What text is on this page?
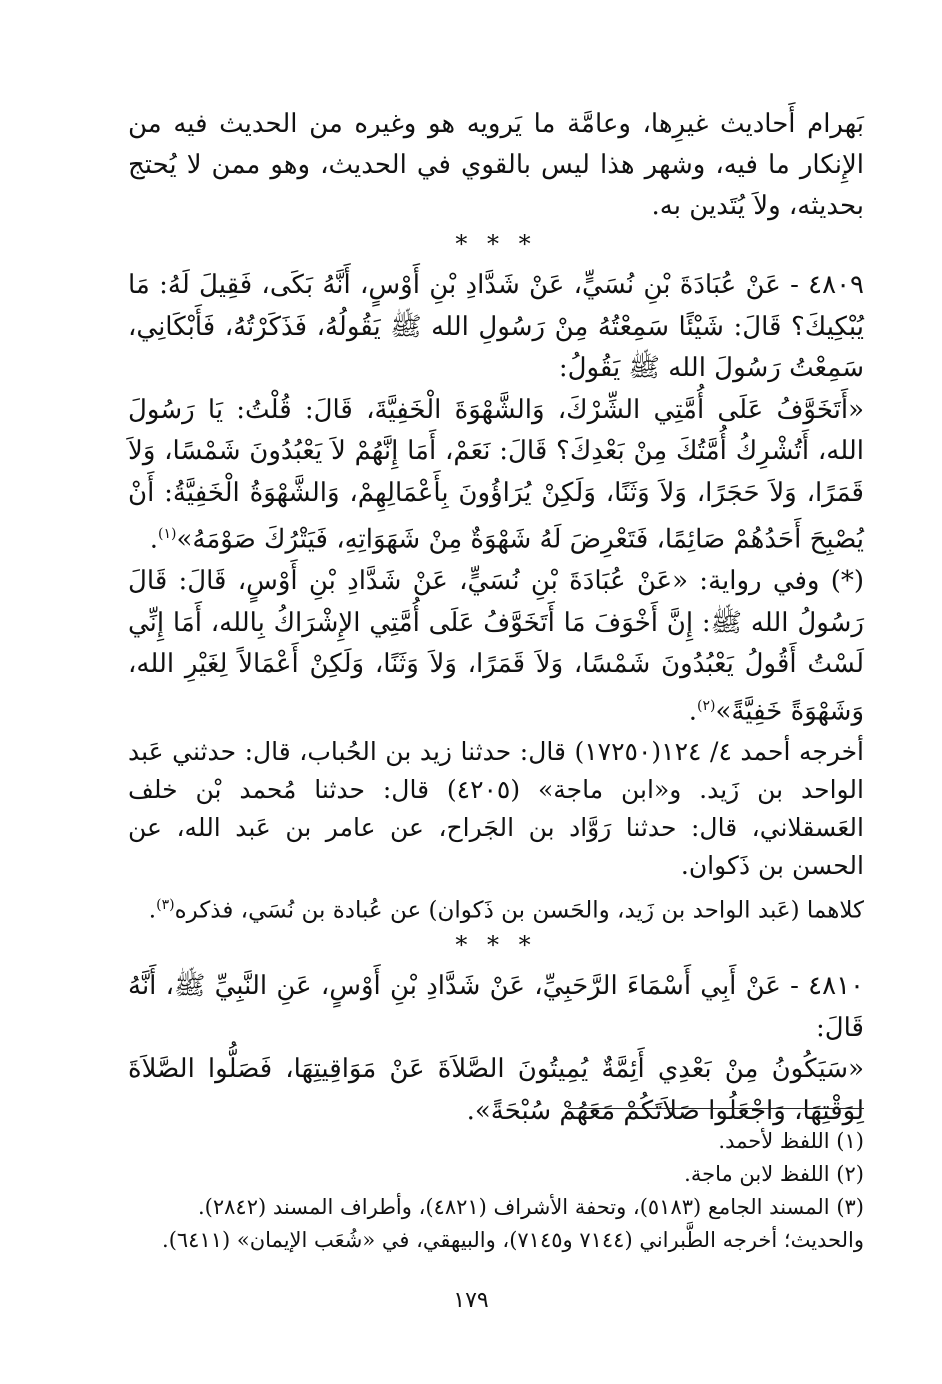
بَهرام أَحاديث غيرِها، وعامَّة ما يَرويه هو وغيره من الحديث فيه من الإِنكار ما فيه، وشهر هذا ليس بالقوي في الحديث، وهو ممن لا يُحتج بحديثه، ولاَ يُتَدين به.

* * *

٤٨٠٩ - عَنْ عُبَادَةَ بْنِ نُسَيٍّ، عَنْ شَدَّادِ بْنِ أَوْسٍ، أَنَّهُ بَكَى، فَقِيلَ لَهُ: مَا يُبْكِيكَ؟ قَالَ: شَيْئًا سَمِعْتُهُ مِنْ رَسُولِ الله ﷺ يَقُولُهُ، فَذَكَرْتُهُ، فَأَبْكَانِي، سَمِعْتُ رَسُولَ الله ﷺ يَقُولُ:

«أَتَخَوَّفُ عَلَى أُمَّتِي الشِّرْكَ، وَالشَّهْوَةَ الْخَفِيَّةَ، قَالَ: قُلْتُ: يَا رَسُولَ الله، أَتُشْرِكُ أُمَّتُكَ مِنْ بَعْدِكَ؟ قَالَ: نَعَمْ، أَمَا إِنَّهُمْ لاَ يَعْبُدُونَ شَمْسًا، وَلاَ قَمَرًا، وَلاَ حَجَرًا، وَلاَ وَثَنًا، وَلَكِنْ يُرَاؤُونَ بِأَعْمَالِهِمْ، وَالشَّهْوَةُ الْخَفِيَّةُ: أَنْ يُصْبِحَ أَحَدُهُمْ صَائِمًا، فَتَعْرِضَ لَهُ شَهْوَةٌ مِنْ شَهَوَاتِهِ، فَيَتْرُكَ صَوْمَهُ»$^{(١)}$.

(*) وفي رواية: «عَنْ عُبَادَةَ بْنِ نُسَيٍّ، عَنْ شَدَّادِ بْنِ أَوْسٍ، قَالَ: قَالَ رَسُولُ الله ﷺ: إِنَّ أَخْوَفَ مَا أَتَخَوَّفُ عَلَى أُمَّتِي الإِشْرَاكُ بِالله، أَمَا إِنِّي لَسْتُ أَقُولُ يَعْبُدُونَ شَمْسًا، وَلاَ قَمَرًا، وَلاَ وَثَنًا، وَلَكِنْ أَعْمَالاً لِغَيْرِ الله، وَشَهْوَةً خَفِيَّةً»$^{(٢)}$.

أخرجه أحمد ٤/ ١٢٤(١٧٢٥٠) قال: حدثنا زيد بن الحُباب، قال: حدثني عَبد الواحد بن زَيد. و«ابن ماجة» (٤٢٠٥) قال: حدثنا مُحمد بْن خلف العَسقلاني، قال: حدثنا رَوَّاد بن الجَراح، عن عامر بن عَبد الله، عن الحسن بن ذَكوان.

كلاهما (عَبد الواحد بن زَيد، والحَسن بن ذَكوان) عن عُبادة بن نُسَي، فذكره$^{(٣)}$.

* * *

٤٨١٠ - عَنْ أَبِي أَسْمَاءَ الرَّحَبِيِّ، عَنْ شَدَّادِ بْنِ أَوْسٍ، عَنِ النَّبِيِّ ﷺ، أَنَّهُ قَالَ:

«سَيَكُونُ مِنْ بَعْدِي أَئِمَّةٌ يُمِيتُونَ الصَّلاَةَ عَنْ مَوَاقِيتِهَا، فَصَلُّوا الصَّلاَةَ لِوَقْتِهَا، وَاجْعَلُوا صَلاَتَكُمْ مَعَهُمْ سُبْحَةً».

(١) اللفظ لأحمد.

(٢) اللفظ لابن ماجة.

(٣) المسند الجامع (٥١٨٣)، وتحفة الأشراف (٤٨٢١)، وأطراف المسند (٢٨٤٢).

والحديث؛ أخرجه الطَّبراني (٧١٤٤ و٧١٤٥)، والبيهقي، في «شُعَب الإيمان» (٦٤١١).

١٧٩
